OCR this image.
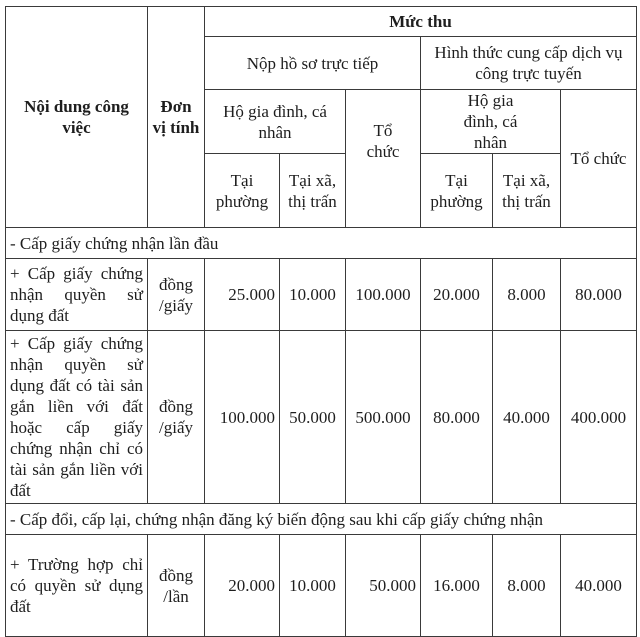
Nội dung công việc	Đơn vị tính	Mức thu					
		Nộp hồ sơ trực tiếp			Hình thức cung cấp dịch vụ công trực tuyến		
		Hộ gia đình, cá nhân		Tổ chức	Hộ gia đình, cá nhân		Tổ chức
		Tại phường	Tại xã, thị trấn		Tại phường	Tại xã, thị trấn	
- Cấp giấy chứng nhận lần đầu							
+ Cấp giấy chứng nhận quyền sử dụng đất	đồng /giấy	25.000	10.000	100.000	20.000	8.000	80.000
+ Cấp giấy chứng nhận quyền sử dụng đất có tài sản gắn liền với đất hoặc cấp giấy chứng nhận chỉ có tài sản gắn liền với đất	đồng /giấy	100.000	50.000	500.000	80.000	40.000	400.000
- Cấp đổi, cấp lại, chứng nhận đăng ký biến động sau khi cấp giấy chứng nhận							
+ Trường hợp chỉ có quyền sử dụng đất	đồng /lần	20.000	10.000	50.000	16.000	8.000	40.000
